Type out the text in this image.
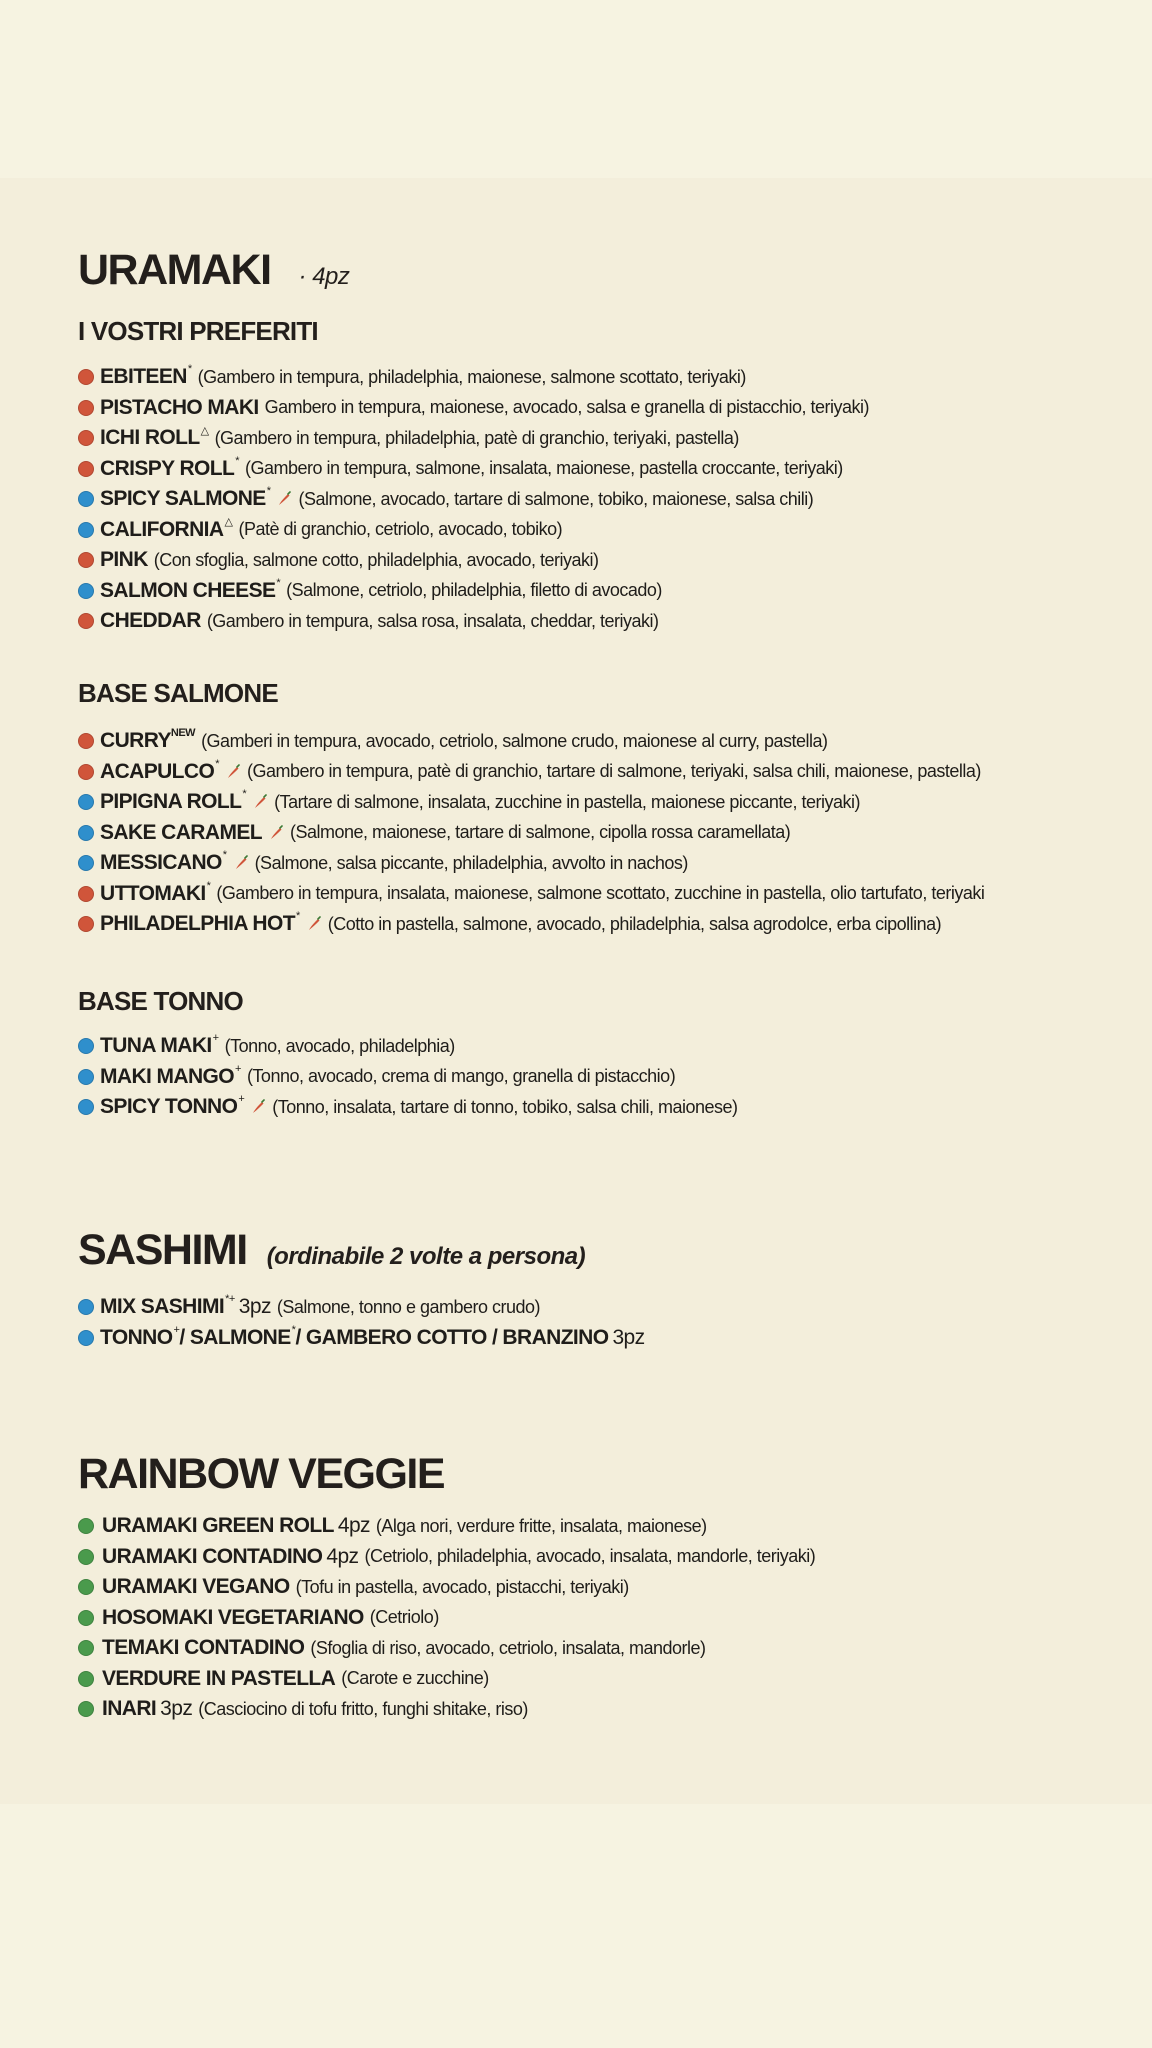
URAMAKI · 4pz
I VOSTRI PREFERITI
EBITEEN * (Gambero in tempura, philadelphia, maionese, salmone scottato, teriyaki)
PISTACHO MAKI Gambero in tempura, maionese, avocado, salsa e granella di pistacchio, teriyaki)
ICHI ROLL △ (Gambero in tempura, philadelphia, patè di granchio, teriyaki, pastella)
CRISPY ROLL * (Gambero in tempura, salmone, insalata, maionese, pastella croccante, teriyaki)
SPICY SALMONE * (Salmone, avocado, tartare di salmone, tobiko, maionese, salsa chili)
CALIFORNIA △ (Patè di granchio, cetriolo, avocado, tobiko)
PINK (Con sfoglia, salmone cotto, philadelphia, avocado, teriyaki)
SALMON CHEESE * (Salmone, cetriolo, philadelphia, filetto di avocado)
CHEDDAR (Gambero in tempura, salsa rosa, insalata, cheddar, teriyaki)
BASE SALMONE
CURRY NEW (Gamberi in tempura, avocado, cetriolo, salmone crudo, maionese al curry, pastella)
ACAPULCO * (Gambero in tempura, patè di granchio, tartare di salmone, teriyaki, salsa chili, maionese, pastella)
PIPIGNA ROLL * (Tartare di salmone, insalata, zucchine in pastella, maionese piccante, teriyaki)
SAKE CARAMEL (Salmone, maionese, tartare di salmone, cipolla rossa caramellata)
MESSICANO * (Salmone, salsa piccante, philadelphia, avvolto in nachos)
UTTOMAKI * (Gambero in tempura, insalata, maionese, salmone scottato, zucchine in pastella, olio tartufato, teriyaki
PHILADELPHIA HOT * (Cotto in pastella, salmone, avocado, philadelphia, salsa agrodolce, erba cipollina)
BASE TONNO
TUNA MAKI + (Tonno, avocado, philadelphia)
MAKI MANGO + (Tonno, avocado, crema di mango, granella di pistacchio)
SPICY TONNO + (Tonno, insalata, tartare di tonno, tobiko, salsa chili, maionese)
SASHIMI (ordinabile 2 volte a persona)
MIX SASHIMI *+ 3pz (Salmone, tonno e gambero crudo)
TONNO + / SALMONE * / GAMBERO COTTO / BRANZINO 3pz
RAINBOW VEGGIE
URAMAKI GREEN ROLL 4pz (Alga nori, verdure fritte, insalata, maionese)
URAMAKI CONTADINO 4pz (Cetriolo, philadelphia, avocado, insalata, mandorle, teriyaki)
URAMAKI VEGANO (Tofu in pastella, avocado, pistacchi, teriyaki)
HOSOMAKI VEGETARIANO (Cetriolo)
TEMAKI CONTADINO (Sfoglia di riso, avocado, cetriolo, insalata, mandorle)
VERDURE IN PASTELLA (Carote e zucchine)
INARI 3pz (Casciocino di tofu fritto, funghi shitake, riso)
